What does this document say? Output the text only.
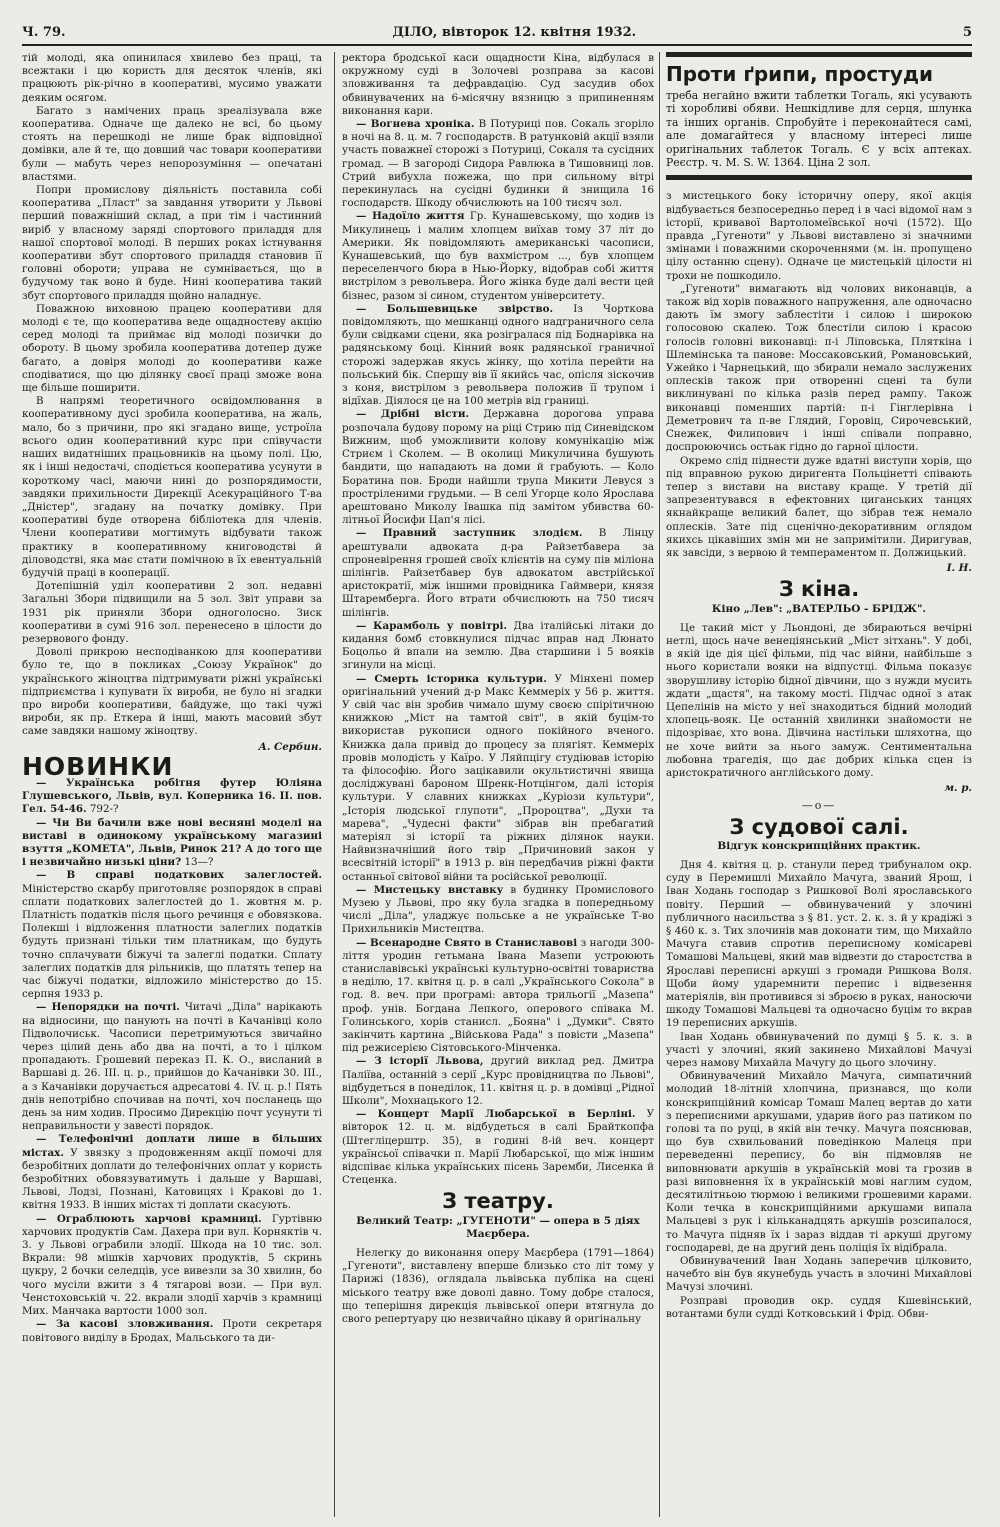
Ч. 79.	ДІЛО, вівторок 12. квітня 1932.	5

тій молоді, яка опинилася хвилево без праці, та всежтаки і цю користь для десяток членів, які працюють рік-річно в кооперативі, мусимо уважати деяким осягом.

Багато з намічених праць зреалізувала вже кооператива. Одначе ще далеко не всі, бо цьому стоять на перешкоді не лише брак відповідної домівки, але й те, що довший час товари кооперативи були — мабуть через непорозуміння — опечатані властями.

Попри промислову діяльність поставила собі кооператива „Пласт" за завдання утворити у Львові перший поважніший склад, а при тім і частинний виріб у власному заряді спортового приладдя для нашої спортової молоді. В перших роках істнування кооперативи збут спортового приладдя становив її головні обороти; управа не сумнівається, що в будучому так воно й буде. Нині кооператива такий збут спортового приладдя щойно наладнує.

Поважною виховною працею кооперативи для молоді є те, що кооператива веде ощадностеву акцію серед молоді та приймає від молоді позички до обороту. В цьому зробила кооператива дотепер дуже багато, а довіря молоді до кооперативи каже сподіватися, що цю ділянку своєї праці зможе вона ще більше поширити.

В напрямі теоретичного освідомлювання в кооперативному дусі зробила кооператива, на жаль, мало, бо з причини, про які згадано вище, устроїла всього один кооперативний курс при співучасти наших видатніших працьовників на цьому полі. Цю, як і інші недостачі, сподіється кооператива усунути в короткому часі, маючи нині до розпорядимости, завдяки прихильности Дирекції Асекураційного Т-ва „Дністер", згадану на початку домівку. При кооперативі буде отворена бібліотека для членів. Члени кооперативи могтимуть відбувати також практику в кооперативному книговодстві й діловодстві, яка має стати помічною в їх евентуальній будучій праці в кооперації.

Дотепішній уділ кооперативи 2 зол. недавні Загальні Збори підвищили на 5 зол. Звіт управи за 1931 рік приняли Збори одноголосно. Зиск кооперативи в сумі 916 зол. перенесено в цілости до резервового фонду.

Доволі прикрою несподіванкою для кооперативи було те, що в покликах „Союзу Українок" до українського жіноцтва підтримувати ріжні українські підприємства і купувати їх вироби, не було ні згадки про вироби кооперативи, байдуже, що такі чужі вироби, як пр. Еткера й інші, мають масовий збут саме завдяки нашому жіноцтву.

А. Сербин.
НОВИНКИ

— Українська робітня футер Юліяна Глушевського, Львів, вул. Коперника 16. II. пов. Гел. 54-46. 792-?

— Чи Ви бачили вже нові весняні моделі на виставі в одинокому українському магазині взуття „КОМЕТА", Львів, Ринок 21? А до того ще і незвичайно низькі ціни? 13—?

— В справі податкових залеглостей. Міністерство скарбу приготовляє розпорядок в справі сплати податкових залеглостей до 1. жовтня м. р. Платність податків після цього речинця є обовязкова. Полекші і відложення платности залеглих податків будуть признані тільки тим платникам, що будуть точно сплачувати біжучі та залеглі податки. Сплату залеглих податків для рільників, що платять тепер на час біжучі податки, відложило міністерство до 15. серпня 1933 р.

— Непорядки на почті. Читачі „Діла" нарікають на відносини, що панують на почті в Качанівці коло Підволочиськ. Часописи перетримуються звичайно через цілий день або два на почті, а то і цілком пропадають. Грошевий переказ П. К. О., висланий в Варшаві д. 26. III. ц. р., прийшов до Качанівки 30. III., а з Качанівки доручається адресатові 4. IV. ц. р.! Пять днів непотрібно спочивав на почті, хоч посланець що день за ним ходив. Просимо Дирекцію почт усунути ті неправильности у завесті порядок.

— Телефонічні доплати лише в більших містах. У звязку з продовженням акції помочі для безробітних доплати до телефонічних оплат у користь безробітних обовязуватимуть і дальше у Варшаві, Львові, Лодзі, Познані, Катовицях і Кракові до 1. квітня 1933. В інших містах ті доплати скасують.

— Ограблюють харчові крамниці. Гуртівню харчових продуктів Сам. Дахера при вул. Корняктів ч. 3. у Львові ограбили злодії. Шкода на 10 тис. зол. Вкрали: 98 мішків харчових продуктів, 5 скринь цукру, 2 бочки селедців, усе вивезли за 30 хвилин, бо чого мусіли вжити з 4 тягарові вози. — При вул. Ченстоховській ч. 22. вкрали злодії харчів з крамниці Мих. Манчака вартости 1000 зол.

— За касові зловживання. Проти секретаря повітового виділу в Бродах, Мальського та ди-

ректора бродської каси ощадности Кіна, відбулася в окружному суді в Золочеві розправа за касові зловживання та дефравдацію. Суд засудив обох обвинувачених на 6-місячну вязницю з припиненням виконання кари.

— Вогнева хроніка. В Потуриці пов. Сокаль згоріло в ночі на 8. ц. м. 7 господарств. В ратунковій акції взяли участь поважнеї сторожі з Потуриці, Сокаля та сусідних громад. — В загороді Сидора Равлюка в Тишовниці лов. Стрий вибухла пожежа, що при сильному вітрі перекинулась на сусідні будинки й знищила 16 господарств. Шкоду обчислюють на 100 тисяч зол.

— Надоїло життя Гр. Кунашевському, що ходив із Микулинець і малим хлопцем виїхав тому 37 літ до Америки. Як повідомляють американські часописи, Кунашевський, що був вахмістром ..., був хлопцем переселенчого бюра в Нью-Йорку, відобрав собі життя вистрілом з револьвера. Його жінка буде далі вести цей бізнес, разом зі сином, студентом університету.

— Большевицьке звірство. Із Чорткова повідомляють, що мешканці одного надграничного села були свідками сцени, яка розігралася під Боднарівка на радянському боці. Кінний вояк радянської граничної сторожі задержав якусь жінку, що хотіла перейти на польський бік. Спершу вів її якийсь час, опісля зіскочив з коня, вистрілом з револьвера положив її трупом і відїхав. Діялося це на 100 метрів від границі.

— Дрібні вісти. Державна дорогова управа розпочала будову порому на ріці Стрию під Синевідском Вижним, щоб уможливити колову комунікацію між Стриєм і Сколем. — В околиці Микуличина бушують бандити, що нападають на доми й грабують. — Коло Боратина пов. Броди найшли трупа Микити Левуся з простріленими грудьми. — В селі Угорце коло Ярослава арештовано Миколу Івашка під замітом убивства 60-літньої Йосифи Цап'я лісі.

— Правний заступник злодієм. В Лінцу арештували адвоката д-ра Райзетбавера за спроневірення грошей своїх клієнтів на суму пів міліона шілінгів. Райзетбавер був адвокатом австрійської аристократії, між іншими провідника Гаймвери, князя Штаремберга. Його втрати обчислюють на 750 тисяч шілінгів.

— Карамболь у повітрі. Два італійські літаки до кидання бомб стовкнулися підчас вправ над Люнато Боцольо й впали на землю. Два старшини і 5 вояків згинули на місці.

— Смерть історика культури. У Мінхені помер оригінальний учений д-р Макс Кеммеріх у 56 р. життя. У свій час він зробив чимало шуму своєю спірітичною книжкою „Міст на тамтой світ", в якій буцім-то використав рукописи одного покійного вченого. Книжка дала привід до процесу за плягіят. Кеммеріх провів молодість у Каїро. У Ляйпцігу студіював історію та філософію. Його зацікавили окультистичні явища досліджувані бароном Шренк-Нотцінгом, далі історія культури. У славних книжках „Куріози культури", „Історія людської глупоти", „Пророцтва", „Духи та марева", „Чудесні факти" зібрав він пребагатий матеріял зі історії та ріжних ділянок науки. Найвизначніший його твір „Причиновий закон у всесвітній історії" в 1913 р. він передбачив ріжні факти останньої світової війни та російської революції.

— Мистецьку виставку в будинку Промислового Музею у Львові, про яку була згадка в попередньому числі „Діла", уладжує польське а не українське Т-во Прихильників Мистецтва.

— Всенародне Свято в Станиславові з нагоди 300-ліття уродин гетьмана Івана Мазепи устроюють станиславівські українські культурно-освітні товариства в неділю, 17. квітня ц. р. в салі „Українського Сокола" в год. 8. веч. при програмі: автора трильогії „Мазепа" проф. унів. Богдана Лепкого, оперового співака М. Голинського, хорів станисл. „Бояна" і „Думки". Свято закінчить картина „Військова Рада" з повісти „Мазепа" під режисерією Сіятовського-Мінченка.

— З історії Львова, другий виклад ред. Дмитра Паліїва, останній з серії „Курс провідництва по Львові", відбудеться в понеділок, 11. квітня ц. р. в домівці „Рідної Школи", Мохнацького 12.

— Концерт Марії Любарської в Берліні. У вівторок 12. ц. м. відбудеться в салі Брайткопфа (Штегліцерштр. 35), в годині 8-ій веч. концерт українсьої співачки п. Марії Любарської, що між іншим відспіває кілька українських пісень Заремби, Лисенка й Стеценка.

З театру.
Великий Театр: „ГУГЕНОТИ" — опера в 5 діях Маєрбера.

Нелегку до виконання оперу Маєрбера (1791—1864) „Гугеноти", виставлену вперше близько сто літ тому у Парижі (1836), оглядала львівська публіка на сцені міського театру вже доволі давно. Тому добре сталося, що теперішня дирекція львівської опери втягнула до свого репертуару цю незвичайно цікаву й оригінальну

Проти ґрипи, простуди
треба негайно вжити таблетки Тогаль, які усувають ті хоробливі обяви. Нешкідливе для серця, шлунка та інших органів. Спробуйте і переконайтеся самі, але домагайтеся у власному інтересі лише оригінальних таблеток Тогаль. Є у всіх аптеках. Реєстр. ч. M. S. W. 1364. Ціна 2 зол.

з мистецького боку історичну оперу, якої акція відбувається безпосередньо перед і в часі відомої нам з історії, кривавої Вартоломеївської ночі (1572). Що правда „Гугеноти" у Львові виставлено зі значними змінами і поважними скороченнями (м. ін. пропущено цілу останню сцену). Одначе це мистецькій цілости ні трохи не пошкодило.

„Гугеноти" вимагають від чолових виконавців, а також від хорів поважного напруження, але одночасно дають їм змогу заблестіти і силою і широкою голосовою скалею. Тож блестіли силою і красою голосів головні виконавці: п-і Ліповська, Пляткіна і Шлемінська та панове: Моссаковський, Романовський, Ужейко і Чарнецький, що збирали немало заслужених оплесків також при отворенні сцені та були виклинувані по кілька разів перед рампу. Також виконавці поменших партій: п-і Гінглерівна і Деметрович та п-ве Глядий, Горовіц, Сирочевський, Снежек, Филипович і інші співали поправно, доспроюючись остьак гідно до гарної цілости.

Окремо слід піднести дуже вдатні виступи хорів, що під вправною рукою диригента Польцінетті співають тепер з вистави на виставу краще. У третій дії запрезентувався в ефектовних циганських танцях якнайкраще великий балет, що зібрав теж немало оплесків. Зате під сценічно-декоративним оглядом якихсь цікавіших змін ми не запримітили. Диригував, як завсіди, з вервою й темпераментом п. Должицький.

І. Н.
З кіна.
Кіно „Лев": „ВАТЕРЛЬО - БРІДЖ".

Це такий міст у Льондоні, де збираються вечірні нетлі, щось наче венеціянський „Міст зітхань". У добі, в якій іде дія цієї фільми, під час війни, найбільше з нього користали вояки на відпустці. Фільма показує зворушливу історію бідної дівчини, що з нужди мусить ждати „щастя", на такому мості. Підчас одної з атак Цепелінів на місто у неї знаходиться бідний молодий хлопець-вояк. Це останній хвилинки знайомости не підозріває, хто вона. Дівчина настільки шляхотна, що не хоче вийти за нього замуж. Сентиментальна любовна трагедія, що дає добрих кілька сцен із аристократичного англійського дому.

м. р.
—o—
З судової салі.
Відгук конскрипційних практик.

Дня 4. квітня ц. р. станули перед трибуналом окр. суду в Перемишлі Михайло Мачуга, званий Ярош, і Іван Ходань господар з Ришкової Волі ярославського повіту. Перший — обвинувачений у злочині публичного насильства з § 81. уст. 2. к. з. й у крадіжі з § 460 к. з. Тих злочинів мав доконати тим, що Михайло Мачуга ставив спротив переписному комісареві Томашові Мальцеві, який мав відвезти до старостства в Ярославі переписні аркуші з громади Ришкова Воля. Щоби йому ударемнити перепис і відвезення матеріялів, він противився зі зброєю в руках, наносючи шкоду Томашові Мальцеві та одночасно буцім то вкрав 19 переписних аркушів.

Іван Ходань обвинувачений по думці § 5. к. з. в участі у злочині, який закинено Михайлові Мачузі через намову Михайла Мачугу до цього злочину.

Обвинувачений Михайло Мачуга, симпатичний молодий 18-літній хлопчина, признався, що коли конскрипційний комісар Томаш Малец вертав до хати з переписними аркушами, ударив його раз патиком по голові та по руці, в якій він течку. Мачуга пояснював, що був схвильований поведінкою Малеця при переведенні перепису, бо він підмовляв не виповнювати аркушів в українській мові та грозив в разі виповнення їх в українській мові наглим судом, десятилітньою тюрмою і великими грошевими карами. Коли течка в конскрипційними аркушами випала Мальцеві з рук і кільканадцять аркушів розсипалося, то Мачуга підняв їх і зараз віддав ті аркуші другому господареві, де на другий день поліція їх відібрала.

Обвинувачений Іван Ходань заперечив цілковито, начебто він був якунебудь участь в злочині Михайлові Мачузі злочині.

Розправі проводив окр. суддя Кшевінський, вотантами були судді Котковський і Фрід. Обви-
